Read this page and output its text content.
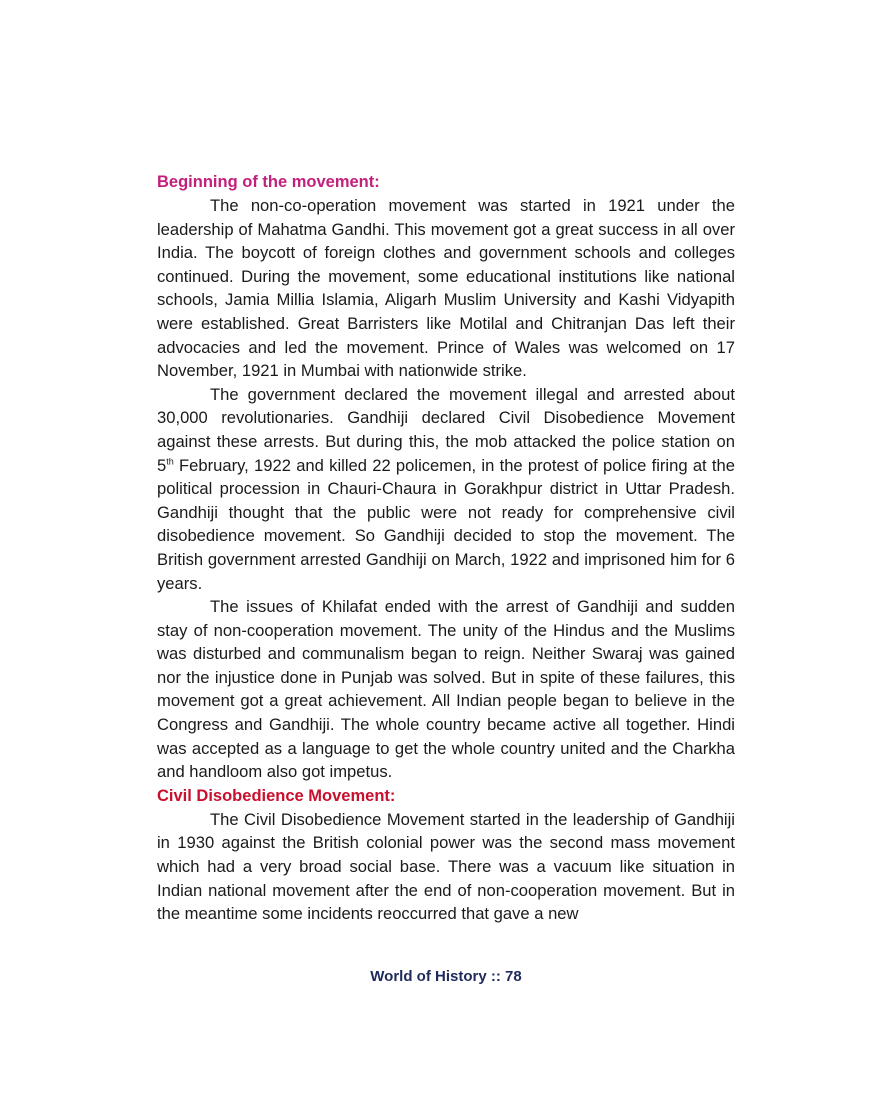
Beginning of the movement:

The non-co-operation movement was started in 1921 under the leadership of Mahatma Gandhi. This movement got a great success in all over India. The boycott of foreign clothes and government schools and colleges continued. During the movement, some educational institutions like national schools, Jamia Millia Islamia, Aligarh Muslim University and Kashi Vidyapith were established. Great Barristers like Motilal and Chitranjan Das left their advocacies and led the movement. Prince of Wales was welcomed on 17 November, 1921 in Mumbai with nationwide strike.

The government declared the movement illegal and arrested about 30,000 revolutionaries. Gandhiji declared Civil Disobedience Movement against these arrests. But during this, the mob attacked the police station on 5th February, 1922 and killed 22 policemen, in the protest of police firing at the political procession in Chauri-Chaura in Gorakhpur district in Uttar Pradesh. Gandhiji thought that the public were not ready for comprehensive civil disobedience movement. So Gandhiji decided to stop the movement. The British government arrested Gandhiji on March, 1922 and imprisoned him for 6 years.

The issues of Khilafat ended with the arrest of Gandhiji and sudden stay of non-cooperation movement. The unity of the Hindus and the Muslims was disturbed and communalism began to reign. Neither Swaraj was gained nor the injustice done in Punjab was solved. But in spite of these failures, this movement got a great achievement. All Indian people began to believe in the Congress and Gandhiji. The whole country became active all together. Hindi was accepted as a language to get the whole country united and the Charkha and handloom also got impetus.

Civil Disobedience Movement:

The Civil Disobedience Movement started in the leadership of Gandhiji in 1930 against the British colonial power was the second mass movement which had a very broad social base. There was a vacuum like situation in Indian national movement after the end of non-cooperation movement. But in the meantime some incidents reoccurred that gave a new

World of History :: 78
